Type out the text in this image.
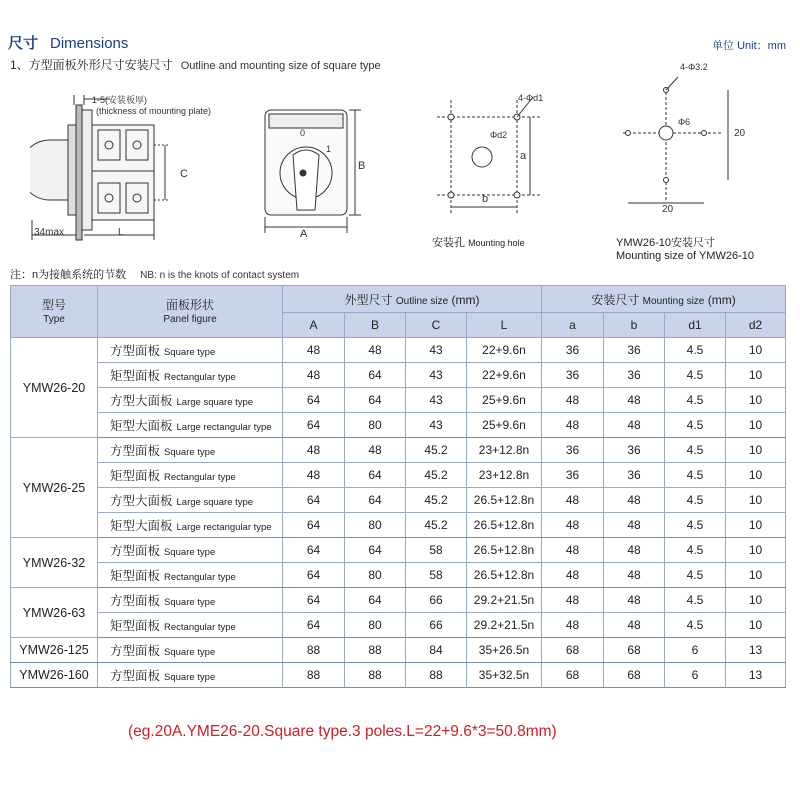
尺寸 Dimensions	单位 Unit：mm
1、方型面板外形尺寸安装尺寸 Outline and mounting size of square type
1-5(安装板厚)
(thickness of mounting plate)
34max	L
C
0
1
A
B
4-Φd1
Φd2
a
b
安装孔 Mounting hole
4-Φ3.2
Φ6
20
20
YMW26-10安装尺寸
Mounting size of YMW26-10
注：n为接触系统的节数 NB: n is the knots of contact system
型号
Type	面板形状
Panel figure	外型尺寸 Outline size (mm)				安装尺寸 Mounting size (mm)			
		A	B	C	L	a	b	d1	d2
YMW26-20	方型面板 Square type	48	48	43	22+9.6n	36	36	4.5	10
	矩型面板 Rectangular type	48	64	43	22+9.6n	36	36	4.5	10
	方型大面板 Large square type	64	64	43	25+9.6n	48	48	4.5	10
	矩型大面板 Large rectangular type	64	80	43	25+9.6n	48	48	4.5	10
YMW26-25	方型面板 Square type	48	48	45.2	23+12.8n	36	36	4.5	10
	矩型面板 Rectangular type	48	64	45.2	23+12.8n	36	36	4.5	10
	方型大面板 Large square type	64	64	45.2	26.5+12.8n	48	48	4.5	10
	矩型大面板 Large rectangular type	64	80	45.2	26.5+12.8n	48	48	4.5	10
YMW26-32	方型面板 Square type	64	64	58	26.5+12.8n	48	48	4.5	10
	矩型面板 Rectangular type	64	80	58	26.5+12.8n	48	48	4.5	10
YMW26-63	方型面板 Square type	64	64	66	29.2+21.5n	48	48	4.5	10
	矩型面板 Rectangular type	64	80	66	29.2+21.5n	48	48	4.5	10
YMW26-125	方型面板 Square type	88	88	84	35+26.5n	68	68	6	13
YMW26-160	方型面板 Square type	88	88	88	35+32.5n	68	68	6	13
(eg.20A.YME26-20.Square type.3 poles.L=22+9.6*3=50.8mm)
